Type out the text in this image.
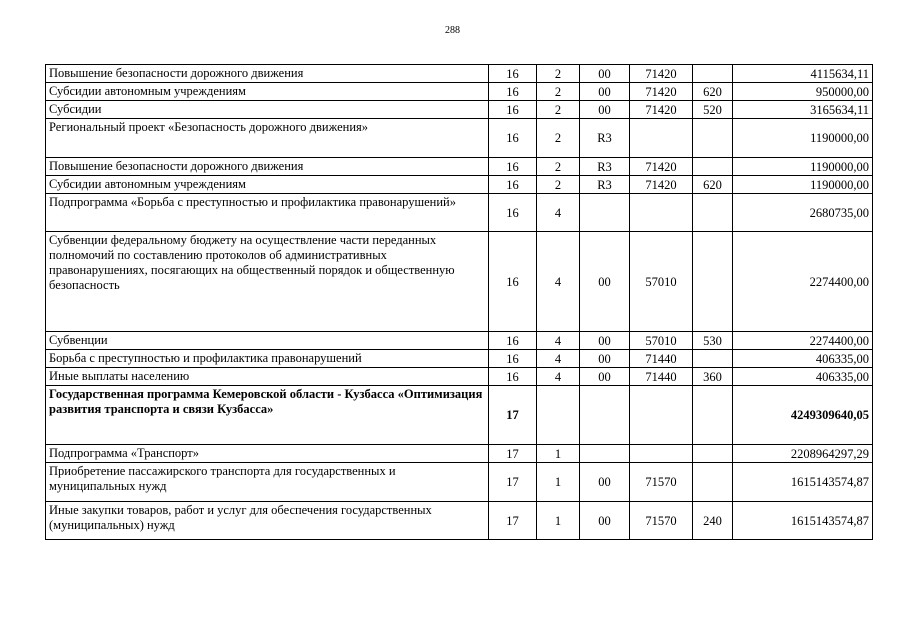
288
Повышение безопасности дорожного движения	16	2	00	71420		4115634,11
Субсидии автономным учреждениям	16	2	00	71420	620	950000,00
Субсидии	16	2	00	71420	520	3165634,11
Региональный проект «Безопасность дорожного движения»	16	2	R3			1190000,00
Повышение безопасности дорожного движения	16	2	R3	71420		1190000,00
Субсидии автономным учреждениям	16	2	R3	71420	620	1190000,00
Подпрограмма «Борьба с преступностью и профилактика правонарушений»	16	4				2680735,00
Субвенции федеральному бюджету на осуществление части переданных полномочий по составлению протоколов об административных правонарушениях, посягающих на общественный порядок и общественную безопасность	16	4	00	57010		2274400,00
Субвенции	16	4	00	57010	530	2274400,00
Борьба с преступностью и профилактика правонарушений	16	4	00	71440		406335,00
Иные выплаты населению	16	4	00	71440	360	406335,00
Государственная программа Кемеровской области - Кузбасса «Оптимизация развития транспорта и связи Кузбасса»	17					4249309640,05
Подпрограмма «Транспорт»	17	1				2208964297,29
Приобретение пассажирского транспорта для государственных и муниципальных нужд	17	1	00	71570		1615143574,87
Иные закупки товаров, работ и услуг для обеспечения государственных (муниципальных) нужд	17	1	00	71570	240	1615143574,87
